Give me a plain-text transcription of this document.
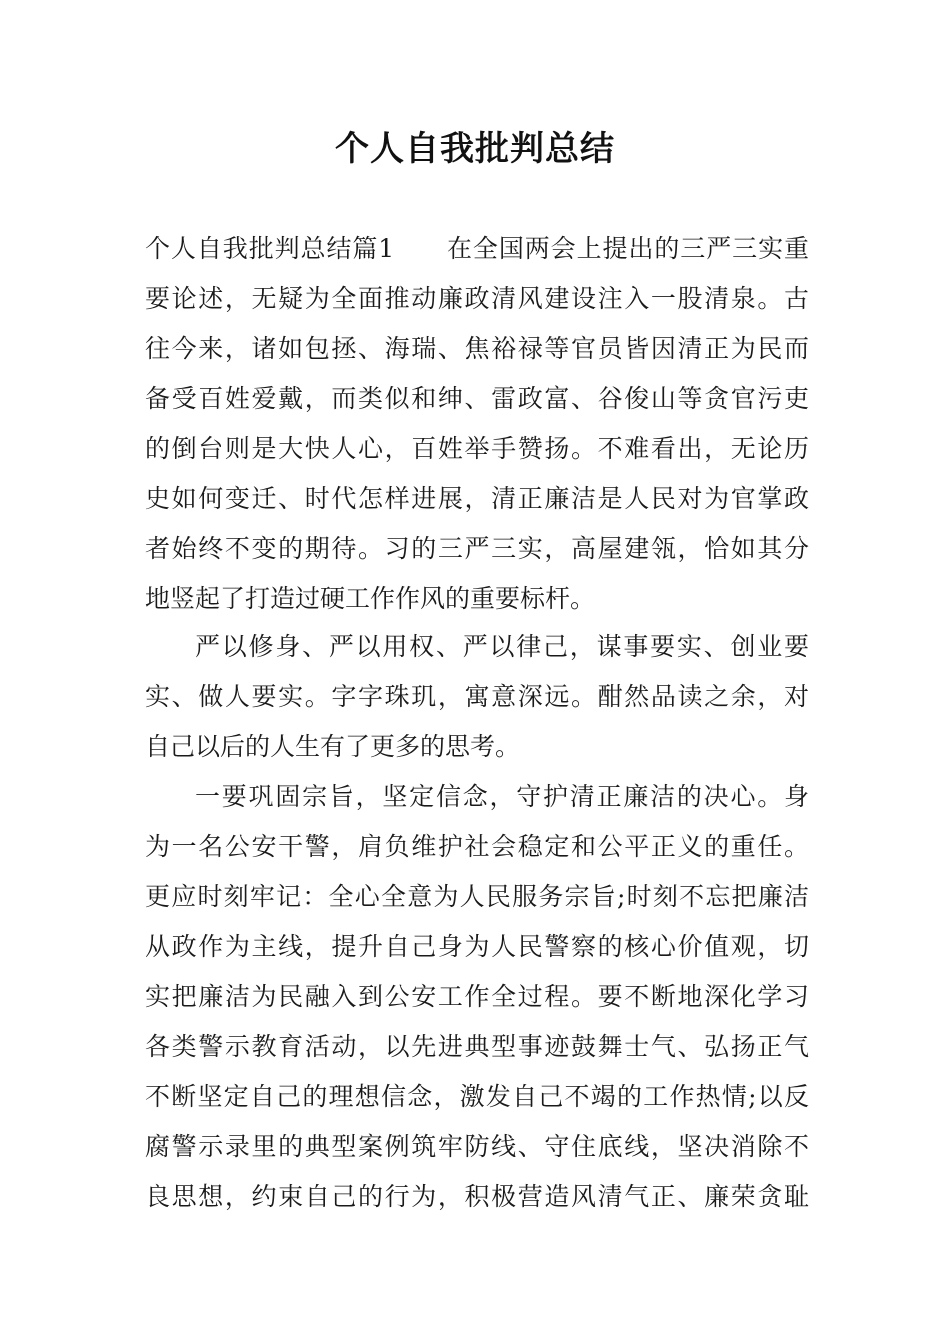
个人自我批判总结
个人自我批判总结篇1　　在全国两会上提出的三严三实重
要论述，无疑为全面推动廉政清风建设注入一股清泉。古
往今来，诸如包拯、海瑞、焦裕禄等官员皆因清正为民而
备受百姓爱戴，而类似和绅、雷政富、谷俊山等贪官污吏
的倒台则是大快人心，百姓举手赞扬。不难看出，无论历
史如何变迁、时代怎样进展，清正廉洁是人民对为官掌政
者始终不变的期待。习的三严三实，高屋建瓴，恰如其分
地竖起了打造过硬工作作风的重要标杆。
严以修身、严以用权、严以律己，谋事要实、创业要
实、做人要实。字字珠玑，寓意深远。酣然品读之余，对
自己以后的人生有了更多的思考。
一要巩固宗旨，坚定信念，守护清正廉洁的决心。身
为一名公安干警，肩负维护社会稳定和公平正义的重任。
更应时刻牢记：全心全意为人民服务宗旨;时刻不忘把廉洁
从政作为主线，提升自己身为人民警察的核心价值观，切
实把廉洁为民融入到公安工作全过程。要不断地深化学习
各类警示教育活动，以先进典型事迹鼓舞士气、弘扬正气
不断坚定自己的理想信念，激发自己不竭的工作热情;以反
腐警示录里的典型案例筑牢防线、守住底线，坚决消除不
良思想，约束自己的行为，积极营造风清气正、廉荣贪耻
